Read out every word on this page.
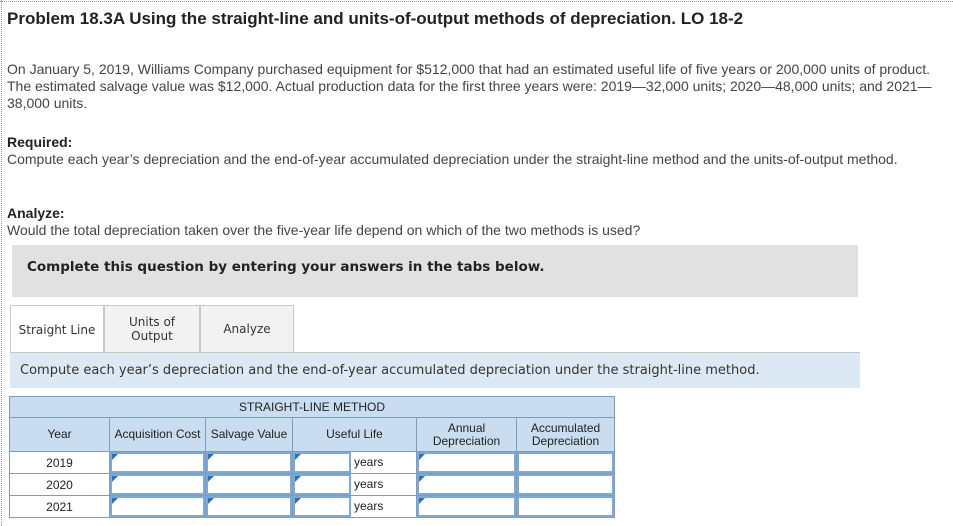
Problem 18.3A Using the straight-line and units-of-output methods of depreciation. LO 18-2
On January 5, 2019, Williams Company purchased equipment for $512,000 that had an estimated useful life of five years or 200,000 units of product. The estimated salvage value was $12,000. Actual production data for the first three years were: 2019—32,000 units; 2020—48,000 units; and 2021—38,000 units.
Required:
Compute each year’s depreciation and the end-of-year accumulated depreciation under the straight-line method and the units-of-output method.
Analyze:
Would the total depreciation taken over the five-year life depend on which of the two methods is used?
Complete this question by entering your answers in the tabs below.
Straight Line
Units of
Output	Analyze
Compute each year’s depreciation and the end-of-year accumulated depreciation under the straight-line method.
STRAIGHT-LINE METHOD					
Year	Acquisition Cost	Salvage Value	Useful Life	Annual Depreciation	Accumulated Depreciation
2019			years

2020			years

2021			years
